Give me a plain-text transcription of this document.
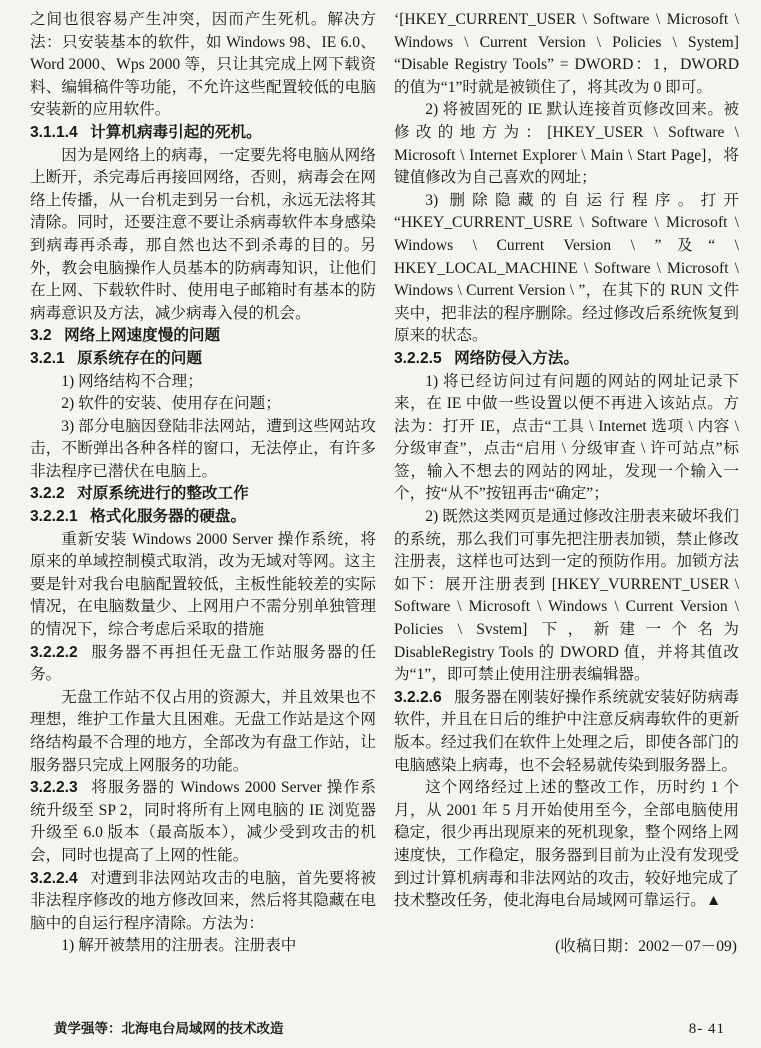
之间也很容易产生冲突，因而产生死机。解决方法：只安装基本的软件，如 Windows 98、IE 6.0、Word 2000、Wps 2000 等，只让其完成上网下载资料、编辑稿件等功能，不允许这些配置较低的电脑安装新的应用软件。

3.1.1.4 计算机病毒引起的死机。

因为是网络上的病毒，一定要先将电脑从网络上断开，杀完毒后再接回网络，否则，病毒会在网络上传播，从一台机走到另一台机，永远无法将其清除。同时，还要注意不要让杀病毒软件本身感染到病毒再杀毒，那自然也达不到杀毒的目的。另外，教会电脑操作人员基本的防病毒知识，让他们在上网、下载软件时、使用电子邮箱时有基本的防病毒意识及方法，减少病毒入侵的机会。

3.2 网络上网速度慢的问题

3.2.1 原系统存在的问题

1) 网络结构不合理；

2) 软件的安装、使用存在问题；

3) 部分电脑因登陆非法网站，遭到这些网站攻击，不断弹出各种各样的窗口，无法停止，有许多非法程序已潜伏在电脑上。

3.2.2 对原系统进行的整改工作

3.2.2.1 格式化服务器的硬盘。

重新安装 Windows 2000 Server 操作系统，将原来的单域控制模式取消，改为无域对等网。这主要是针对我台电脑配置较低，主板性能较差的实际情况，在电脑数量少、上网用户不需分别单独管理的情况下，综合考虑后采取的措施

3.2.2.2 服务器不再担任无盘工作站服务器的任务。

无盘工作站不仅占用的资源大，并且效果也不理想，维护工作量大且困难。无盘工作站是这个网络结构最不合理的地方，全部改为有盘工作站，让服务器只完成上网服务的功能。

3.2.2.3 将服务器的 Windows 2000 Server 操作系统升级至 SP 2，同时将所有上网电脑的 IE 浏览器升级至 6.0 版本（最高版本），减少受到攻击的机会，同时也提高了上网的性能。

3.2.2.4 对遭到非法网站攻击的电脑，首先要将被非法程序修改的地方修改回来，然后将其隐藏在电脑中的自运行程序清除。方法为：

1) 解开被禁用的注册表。注册表中

‘[HKEY_CURRENT_USER \ Software \ Microsoft \ Windows \ Current Version \ Policies \ System] “Disable Registry Tools” = DWORD：1，DWORD 的值为“1”时就是被锁住了，将其改为 0 即可。

2) 将被固死的 IE 默认连接首页修改回来。被修改的地方为：[HKEY_USER \ Software \ Microsoft \ Internet Explorer \ Main \ Start Page]，将键值修改为自己喜欢的网址；

3) 删除隐藏的自运行程序。打开 “HKEY_CURRENT_USRE \ Software \ Microsoft \ Windows \ Current Version \ ”及“ \ HKEY_LOCAL_MACHINE \ Software \ Microsoft \ Windows \ Current Version \ ”，在其下的 RUN 文件夹中，把非法的程序删除。经过修改后系统恢复到原来的状态。

3.2.2.5 网络防侵入方法。

1) 将已经访问过有问题的网站的网址记录下来，在 IE 中做一些设置以便不再进入该站点。方法为：打开 IE，点击“工具 \ Internet 选项 \ 内容 \ 分级审查”，点击“启用 \ 分级审查 \ 许可站点”标签，输入不想去的网站的网址，发现一个输入一个，按“从不”按钮再击“确定”；

2) 既然这类网页是通过修改注册表来破坏我们的系统，那么我们可事先把注册表加锁，禁止修改注册表，这样也可达到一定的预防作用。加锁方法如下：展开注册表到 [HKEY_VURRENT_USER \ Software \ Microsoft \ Windows \ Current Version \ Policies \ Svstem] 下，新建一个名为 DisableRegistry Tools 的 DWORD 值，并将其值改为“1”，即可禁止使用注册表编辑器。

3.2.2.6 服务器在刚装好操作系统就安装好防病毒软件，并且在日后的维护中注意反病毒软件的更新版本。经过我们在软件上处理之后，即使各部门的电脑感染上病毒，也不会轻易就传染到服务器上。

这个网络经过上述的整改工作，历时约 1 个月，从 2001 年 5 月开始使用至今，全部电脑使用稳定，很少再出现原来的死机现象，整个网络上网速度快，工作稳定，服务器到目前为止没有发现受到过计算机病毒和非法网站的攻击，较好地完成了技术整改任务，使北海电台局域网可靠运行。▲

(收稿日期：2002－07－09)

黄学强等：北海电台局域网的技术改造	8- 41
